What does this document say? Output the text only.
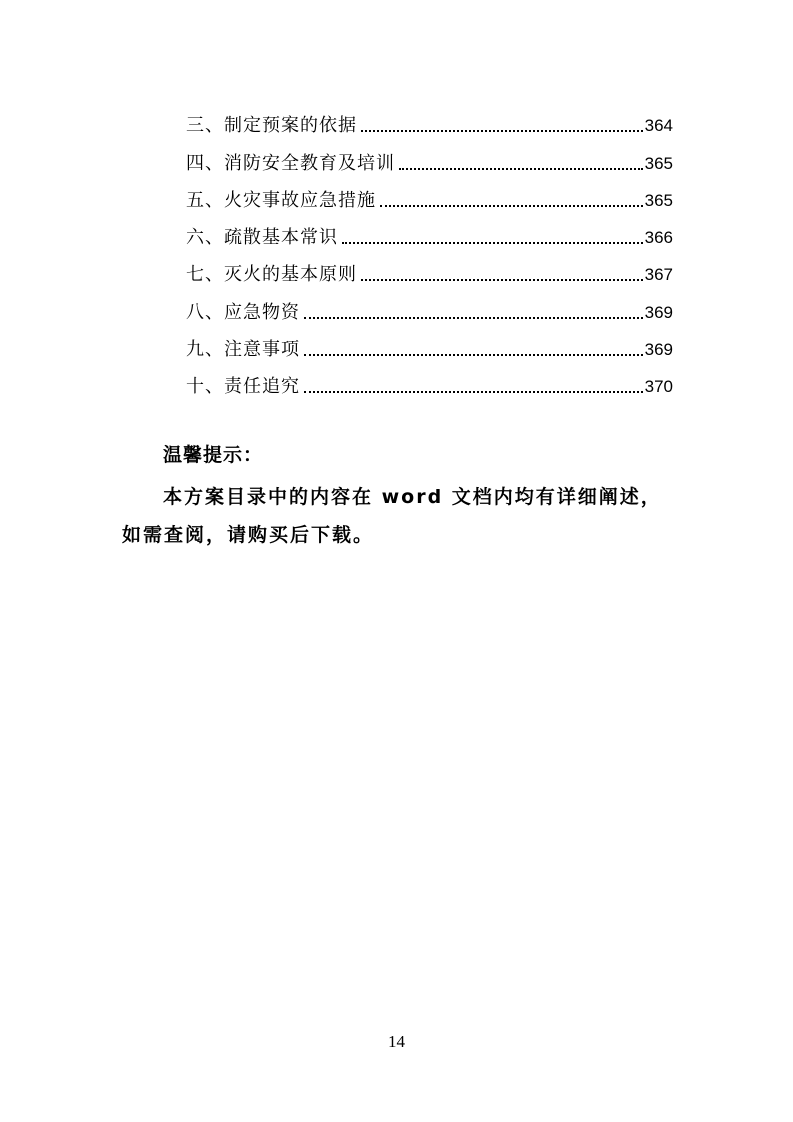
三、制定预案的依据	364
四、消防安全教育及培训	365
五、火灾事故应急措施	365
六、疏散基本常识	366
七、灭火的基本原则	367
八、应急物资	369
九、注意事项	369
十、责任追究	370
温馨提示：
本方案目录中的内容在 word 文档内均有详细阐述，如需查阅，请购买后下载。
14
